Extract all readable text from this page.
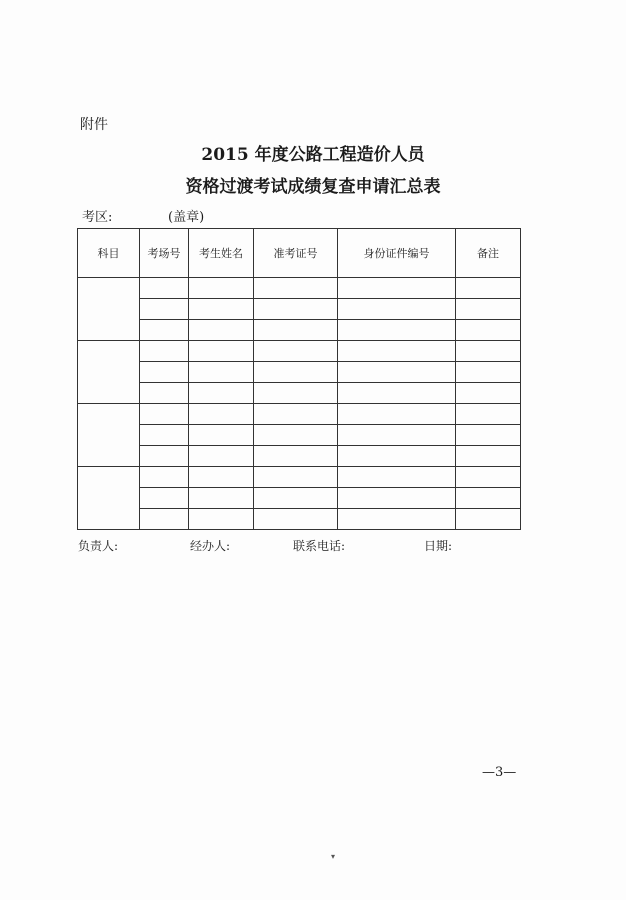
附件
2015 年度公路工程造价人员
资格过渡考试成绩复查申请汇总表
考区:	(盖章)
科目	考场号	考生姓名	准考证号	身份证件编号	备注

负责人:	经办人:	联系电话:	日期:
—3—
▾
